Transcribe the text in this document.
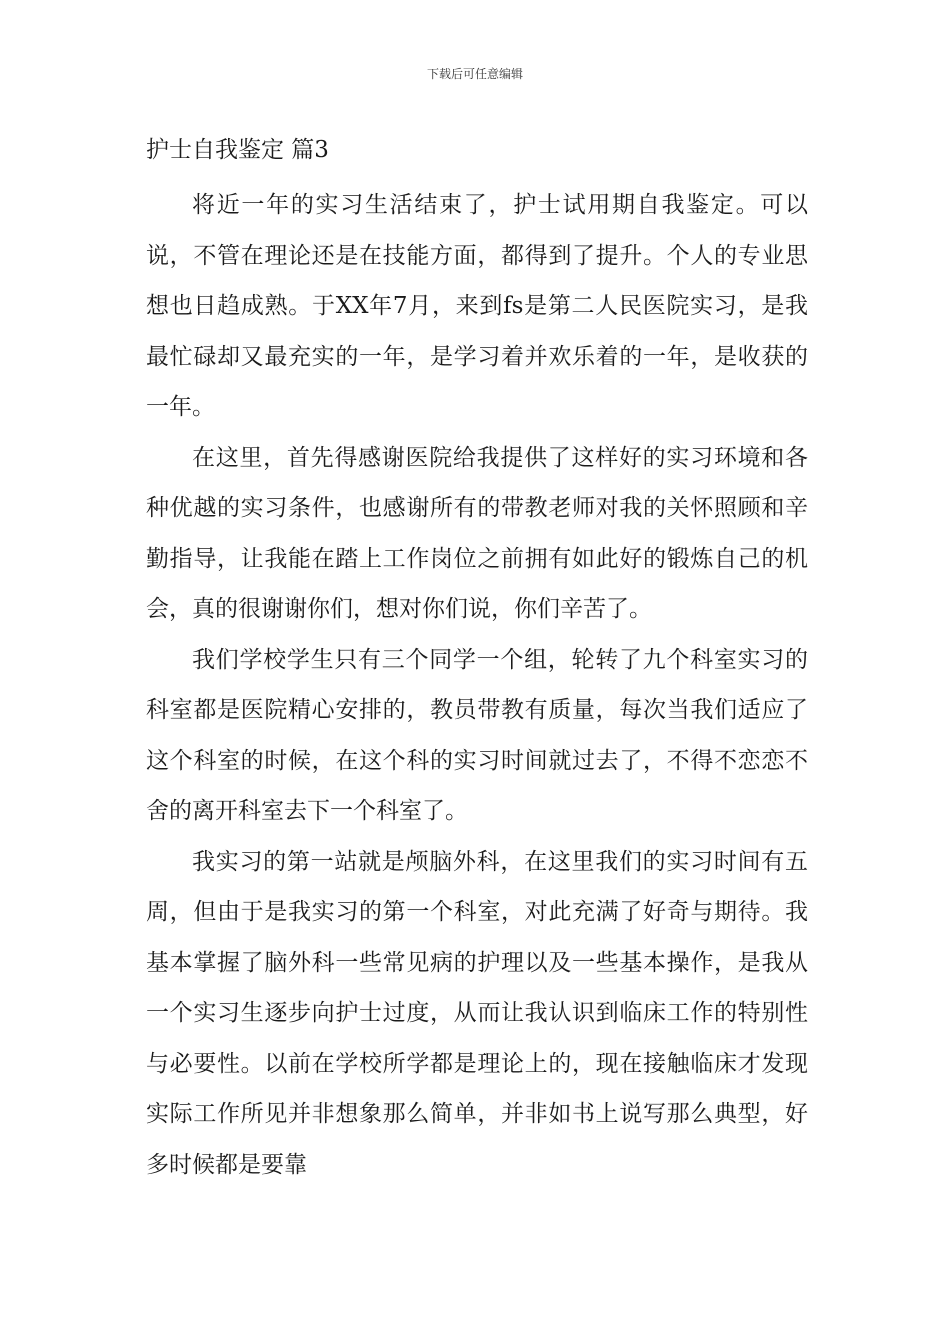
下载后可任意编辑
护士自我鉴定 篇3

将近一年的实习生活结束了，护士试用期自我鉴定。可以说，不管在理论还是在技能方面，都得到了提升。个人的专业思想也日趋成熟。于XX年7月，来到fs是第二人民医院实习，是我最忙碌却又最充实的一年，是学习着并欢乐着的一年，是收获的一年。

在这里，首先得感谢医院给我提供了这样好的实习环境和各种优越的实习条件，也感谢所有的带教老师对我的关怀照顾和辛勤指导，让我能在踏上工作岗位之前拥有如此好的锻炼自己的机会，真的很谢谢你们，想对你们说，你们辛苦了。

我们学校学生只有三个同学一个组，轮转了九个科室实习的科室都是医院精心安排的，教员带教有质量，每次当我们适应了这个科室的时候，在这个科的实习时间就过去了，不得不恋恋不舍的离开科室去下一个科室了。

我实习的第一站就是颅脑外科，在这里我们的实习时间有五周，但由于是我实习的第一个科室，对此充满了好奇与期待。我基本掌握了脑外科一些常见病的护理以及一些基本操作，是我从一个实习生逐步向护士过度，从而让我认识到临床工作的特别性与必要性。以前在学校所学都是理论上的，现在接触临床才发现实际工作所见并非想象那么简单，并非如书上说写那么典型，好多时候都是要靠
